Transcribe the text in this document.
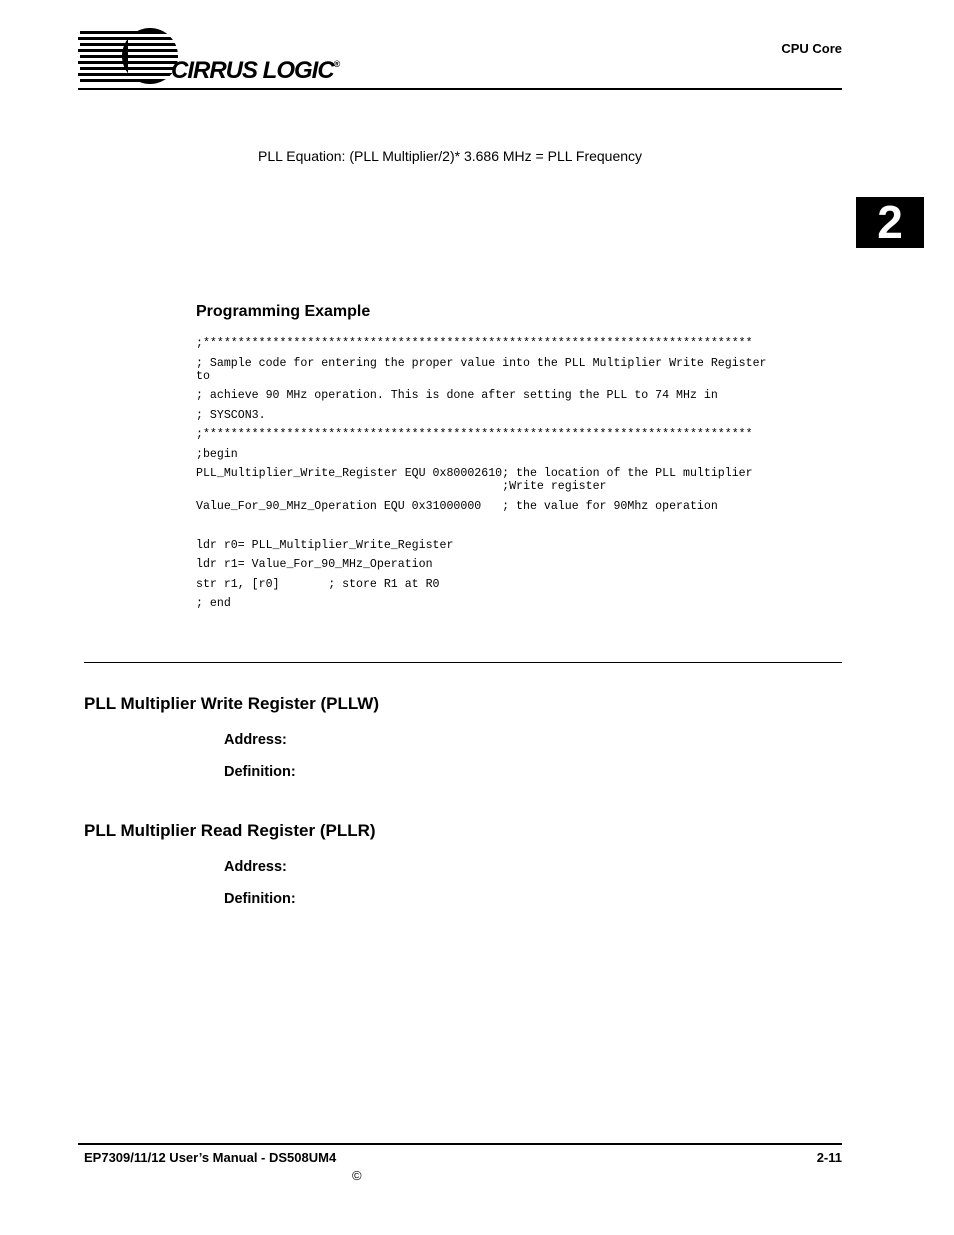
CIRRUS LOGIC®
CPU Core
2
PLL Equation: (PLL Multiplier/2)* 3.686 MHz = PLL Frequency
Programming Example
;*******************************************************************************
; Sample code for entering the proper value into the PLL Multiplier Write Register
to
; achieve 90 MHz operation. This is done after setting the PLL to 74 MHz in
; SYSCON3.
;*******************************************************************************
;begin
PLL_Multiplier_Write_Register EQU 0x80002610; the location of the PLL multiplier
;Write register
Value_For_90_MHz_Operation EQU 0x31000000   ; the value for 90Mhz operation
ldr r0= PLL_Multiplier_Write_Register
ldr r1= Value_For_90_MHz_Operation
str r1, [r0]       ; store R1 at R0
; end
PLL Multiplier Write Register (PLLW)
Address:
Definition:
PLL Multiplier Read Register (PLLR)
Address:
Definition:
EP7309/11/12 User’s Manual - DS508UM4	2-11
©
